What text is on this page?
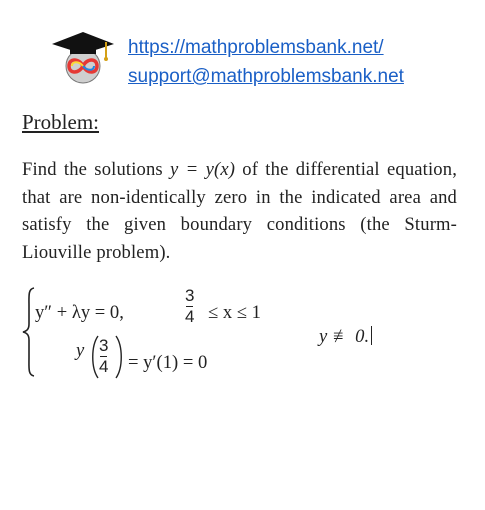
https://mathproblemsbank.net/
support@mathproblemsbank.net
Problem:
Find the solutions y = y(x) of the differential equation, that are non-identically zero in the indicated area and satisfy the given boundary conditions (the Sturm-Liouville problem).
y″ + λy = 0,
3
4 ≤ x ≤ 1
y 3
4 = y′(1) = 0
y ≢ 0.
